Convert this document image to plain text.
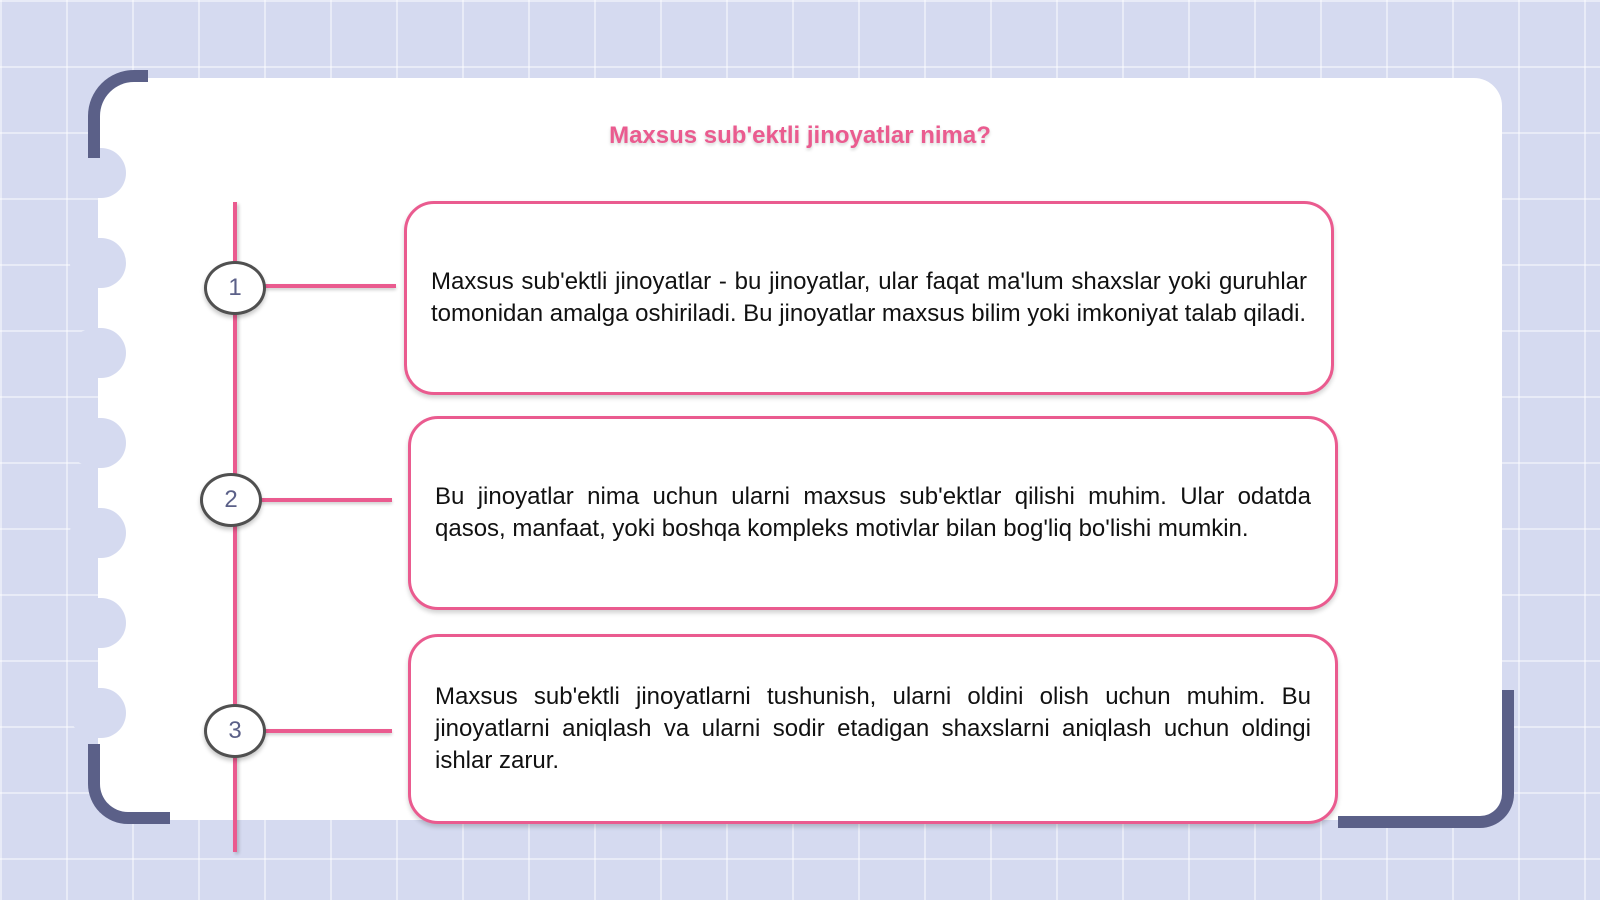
Maxsus sub'ektli jinoyatlar nima?
1
2
3
Maxsus sub'ektli jinoyatlar - bu jinoyatlar, ular faqat ma'lum shaxslar yoki guruhlar tomonidan amalga oshiriladi. Bu jinoyatlar maxsus bilim yoki imkoniyat talab qiladi.
Bu jinoyatlar nima uchun ularni maxsus sub'ektlar qilishi muhim. Ular odatda qasos, manfaat, yoki boshqa kompleks motivlar bilan bog'liq bo'lishi mumkin.
Maxsus sub'ektli jinoyatlarni tushunish, ularni oldini olish uchun muhim. Bu jinoyatlarni aniqlash va ularni sodir etadigan shaxslarni aniqlash uchun oldingi ishlar zarur.
